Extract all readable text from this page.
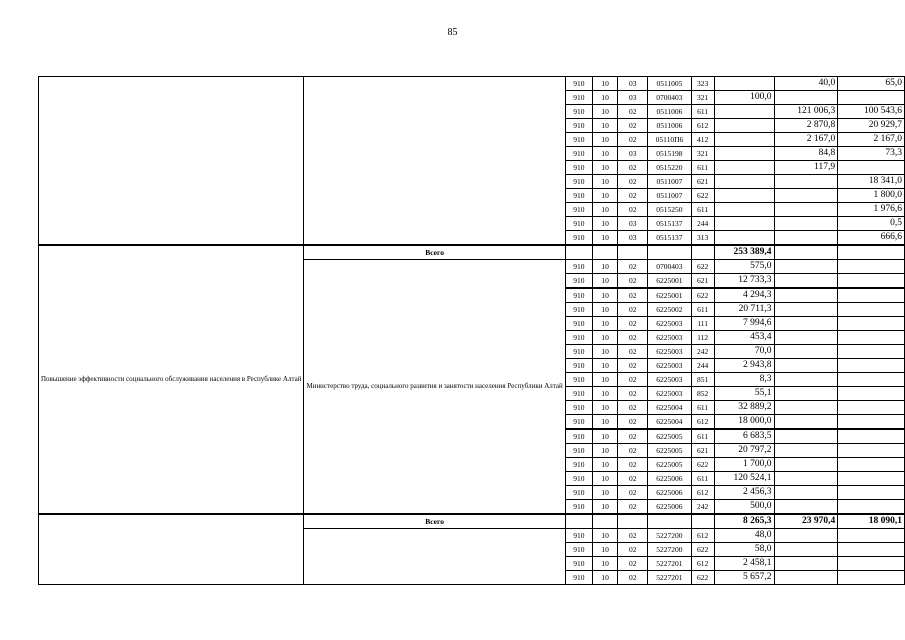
85
		910	10	03	0511005	323		40,0	65,0
		910	10	03	0700403	321	100,0		
		910	10	02	0511006	611		121 006,3	100 543,6
		910	10	02	0511006	612		2 870,8	20 929,7
		910	10	02	05110П6	412		2 167,0	2 167,0
		910	10	03	0515198	321		84,8	73,3
		910	10	02	0515220	611		117,9	
		910	10	02	0511007	621			18 341,0
		910	10	02	0511007	622			1 800,0
		910	10	02	0515250	611			1 976,6
		910	10	03	0515137	244			0,5
		910	10	03	0515137	313			666,6
Повышение эффективности социального обслуживания населения в Республике Алтай	Всего						253 389,4		
	Министерство труда, социального развития и занятости населения Республики Алтай	910	10	02	0700403	622	575,0		
		910	10	02	6225001	621	12 733,3		
		910	10	02	6225001	622	4 294,3		
		910	10	02	6225002	611	20 711,3		
		910	10	02	6225003	111	7 994,6		
		910	10	02	6225003	112	453,4		
		910	10	02	6225003	242	70,0		
		910	10	02	6225003	244	2 943,8		
		910	10	02	6225003	851	8,3		
		910	10	02	6225003	852	55,1		
		910	10	02	6225004	611	32 889,2		
		910	10	02	6225004	612	18 000,0		
		910	10	02	6225005	611	6 683,5		
		910	10	02	6225005	621	20 797,2		
		910	10	02	6225005	622	1 700,0		
		910	10	02	6225006	611	120 524,1		
		910	10	02	6225006	612	2 456,3		
		910	10	02	6225006	242	500,0		
	Всего						8 265,3	23 970,4	18 090,1
		910	10	02	5227200	612	48,0		
		910	10	02	5227200	622	58,0		
		910	10	02	5227201	612	2 458,1		
		910	10	02	5227201	622	5 657,2		
